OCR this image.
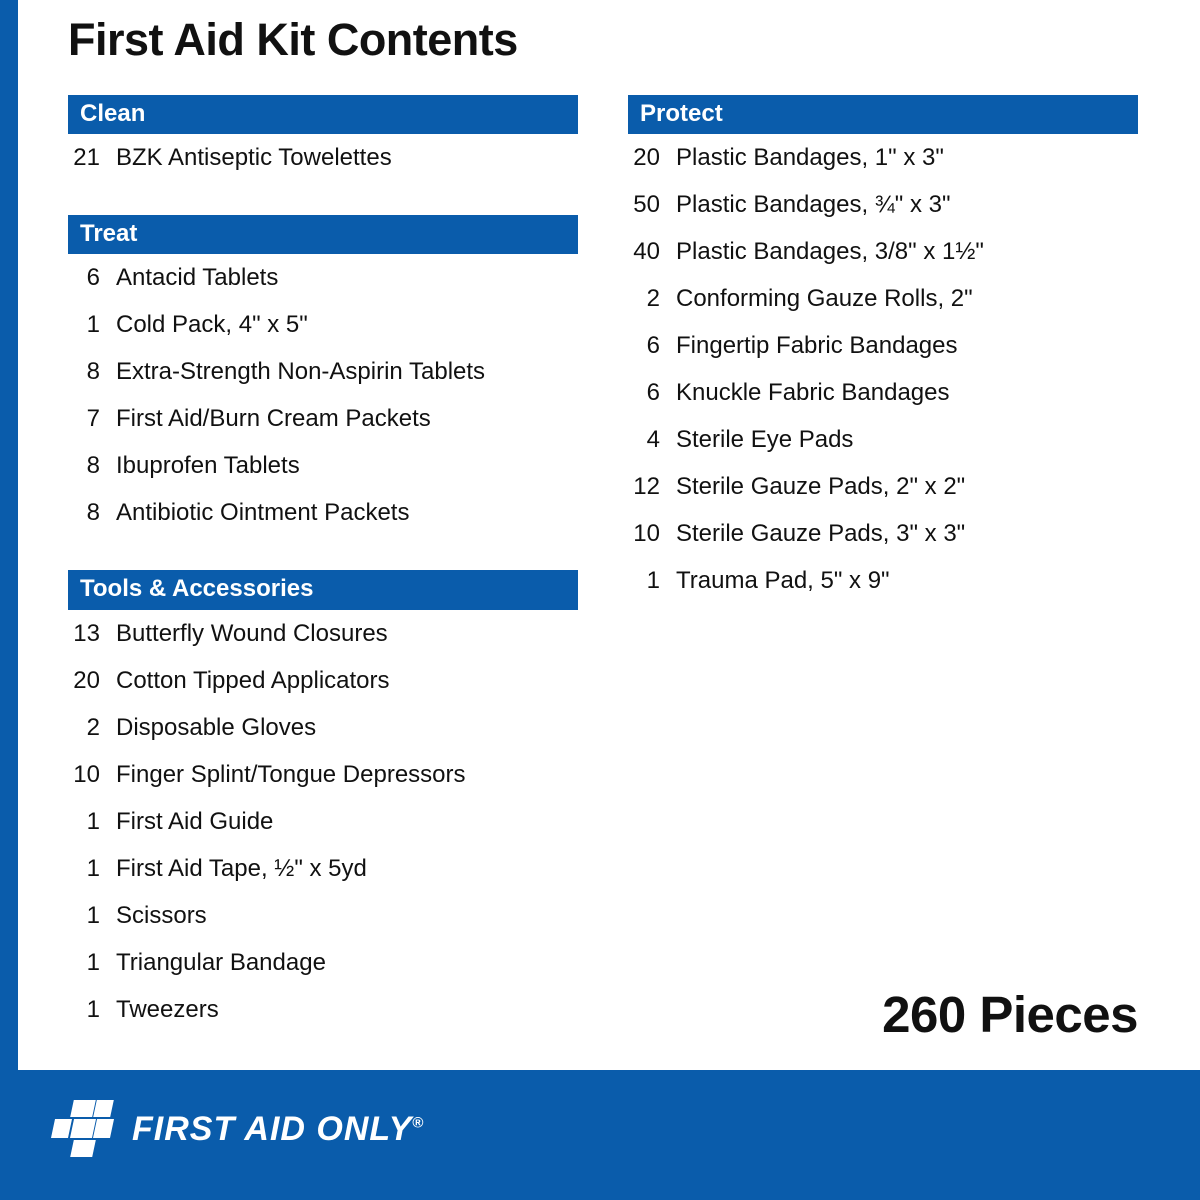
First Aid Kit Contents
Clean
21 BZK Antiseptic Towelettes
Treat
6 Antacid Tablets
1 Cold Pack, 4" x 5"
8 Extra-Strength Non-Aspirin Tablets
7 First Aid/Burn Cream Packets
8 Ibuprofen Tablets
8 Antibiotic Ointment Packets
Tools & Accessories
13 Butterfly Wound Closures
20 Cotton Tipped Applicators
2 Disposable Gloves
10 Finger Splint/Tongue Depressors
1 First Aid Guide
1 First Aid Tape, ½" x 5yd
1 Scissors
1 Triangular Bandage
1 Tweezers
Protect
20 Plastic Bandages, 1" x 3"
50 Plastic Bandages, ¾" x 3"
40 Plastic Bandages, 3/8" x 1½"
2 Conforming Gauze Rolls, 2"
6 Fingertip Fabric Bandages
6 Knuckle Fabric Bandages
4 Sterile Eye Pads
12 Sterile Gauze Pads, 2" x 2"
10 Sterile Gauze Pads, 3" x 3"
1 Trauma Pad, 5" x 9"
260 Pieces
FIRST AID ONLY®
